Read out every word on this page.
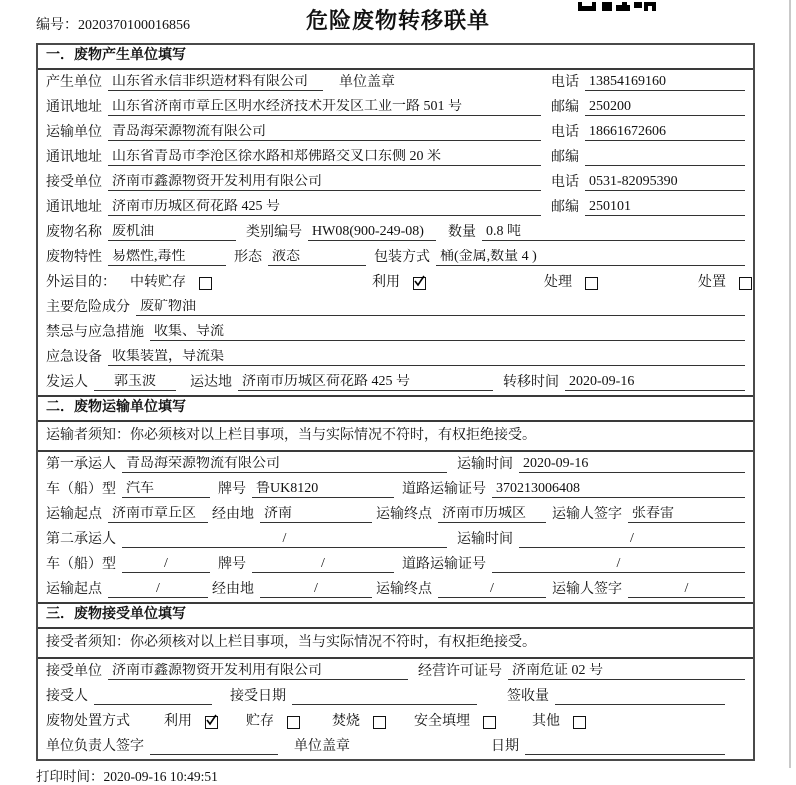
编号：2020370100016856	危险废物转移联单
一．废物产生单位填写
产生单位 山东省永信非织造材料有限公司	单位盖章	电话 13854169160
通讯地址 山东省济南市章丘区明水经济技术开发区工业一路 501 号	邮编 250200
运输单位 青岛海荣源物流有限公司	电话 18661672606
通讯地址 山东省青岛市李沧区徐水路和郑佛路交叉口东侧 20 米	邮编
接受单位 济南市鑫源物资开发利用有限公司	电话 0531-82095390
通讯地址 济南市历城区荷花路 425 号	邮编 250101
废物名称 废机油	类别编号 HW08(900-249-08)	数量 0.8 吨
废物特性 易燃性,毒性	形态 液态	包装方式 桶(金属,数量 4 )
外运目的：	中转贮存	利用	处理	处置
主要危险成分 废矿物油
禁忌与应急措施 收集、导流
应急设备 收集装置，导流渠
发运人	郭玉波	运达地 济南市历城区荷花路 425 号	转移时间 2020-09-16
二．废物运输单位填写
运输者须知：你必须核对以上栏目事项，当与实际情况不符时，有权拒绝接受。
第一承运人 青岛海荣源物流有限公司	运输时间 2020-09-16
车（船）型 汽车	牌号 鲁UK8120	道路运输证号 370213006408
运输起点 济南市章丘区	经由地 济南	运输终点 济南市历城区	运输人签字 张春雷
第二承运人	/	运输时间	/
车（船）型	/	牌号	/	道路运输证号	/
运输起点	/	经由地	/	运输终点	/	运输人签字	/
三．废物接受单位填写
接受者须知：你必须核对以上栏目事项，当与实际情况不符时，有权拒绝接受。
接受单位 济南市鑫源物资开发利用有限公司	经营许可证号 济南危证 02 号
接受人	接受日期	签收量
废物处置方式	利用	贮存	焚烧	安全填埋	其他
单位负责人签字	单位盖章	日期
打印时间：2020-09-16 10:49:51
